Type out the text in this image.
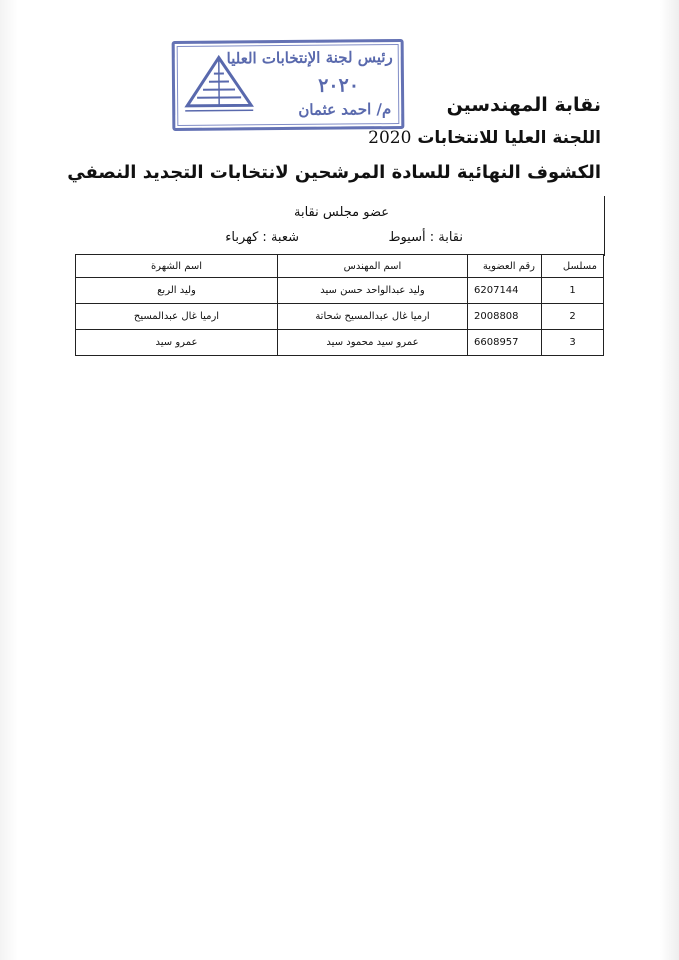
رئيس لجنة الإنتخابات العليا
٢٠٢٠
م/ احمد عثمان	نقابة المهندسين
اللجنة العليا للانتخابات 2020
الكشوف النهائية للسادة المرشحين لانتخابات التجديد النصفي
عضو مجلس نقابة
نقابة : أسيوط
شعبة : كهرباء
مسلسل	رقم العضوية	اسم المهندس	اسم الشهرة
1	6207144	وليد عبدالواحد حسن سيد	وليد الربع
2	2008808	ارميا غال عبدالمسيح شحاتة	ارميا غال عبدالمسيح
3	6608957	عمرو سيد محمود سيد	عمرو سيد
